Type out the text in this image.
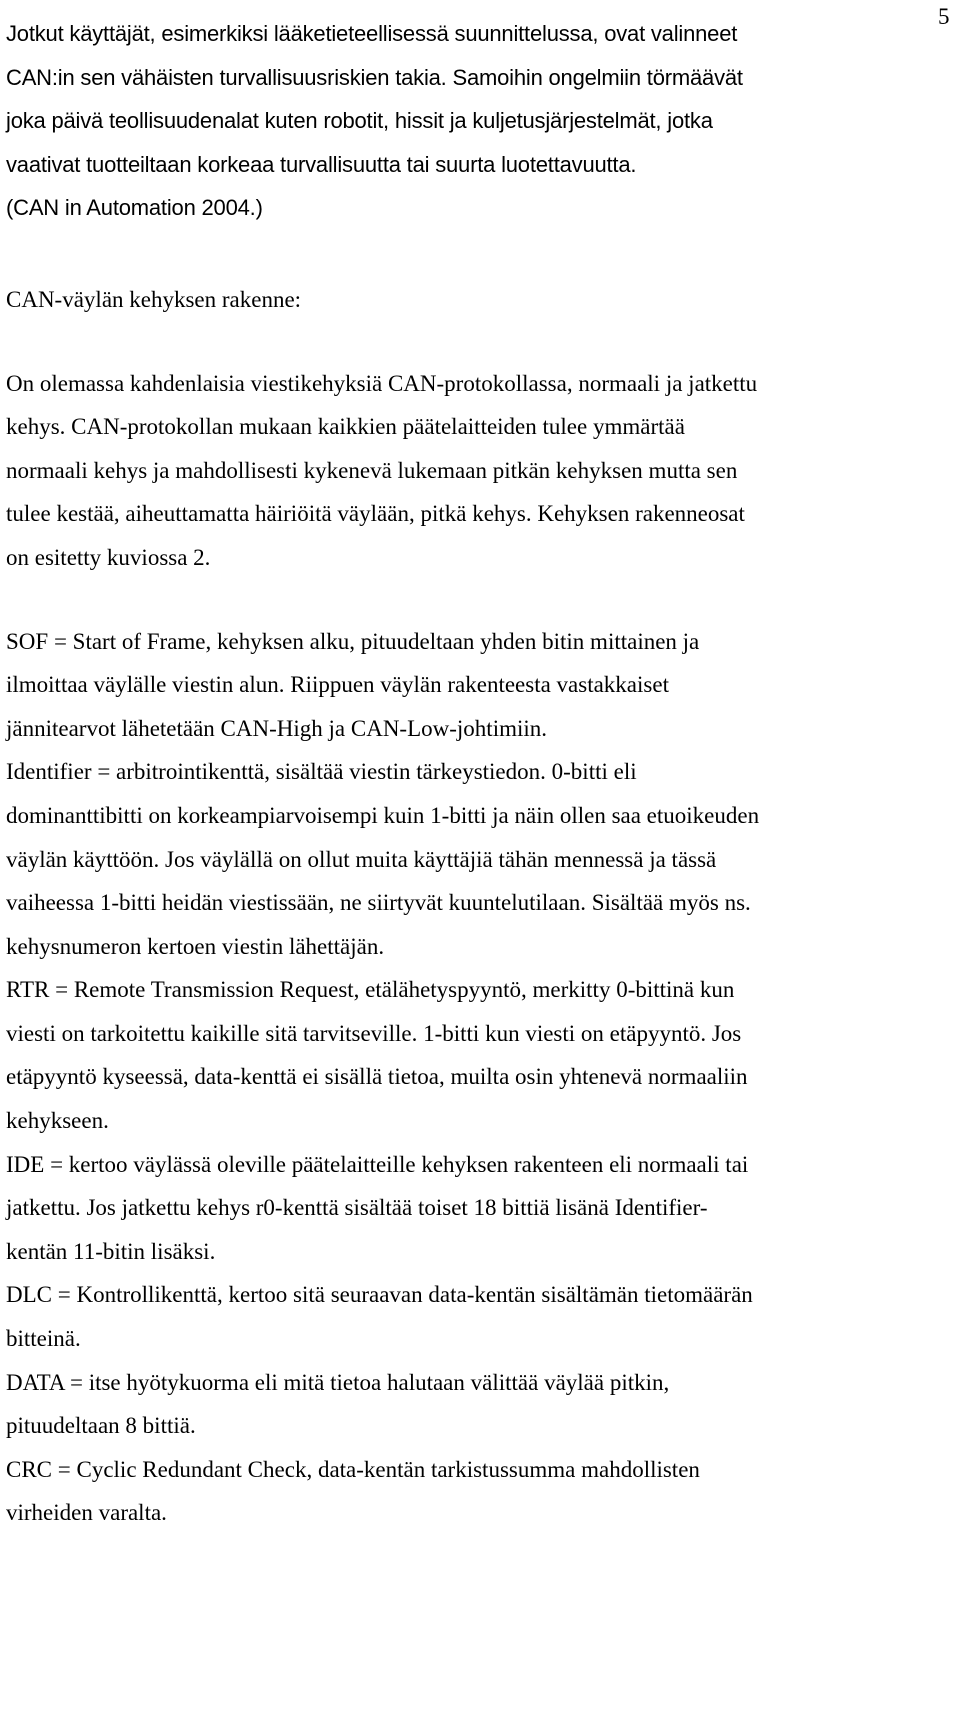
5

Jotkut käyttäjät, esimerkiksi lääketieteellisessä suunnittelussa, ovat valinneet

CAN:in sen vähäisten turvallisuusriskien takia. Samoihin ongelmiin törmäävät

joka päivä teollisuudenalat kuten robotit, hissit ja kuljetusjärjestelmät, jotka

vaativat tuotteiltaan korkeaa turvallisuutta tai suurta luotettavuutta.

(CAN in Automation 2004.)

CAN-väylän kehyksen rakenne:

On olemassa kahdenlaisia viestikehyksiä CAN-protokollassa, normaali ja jatkettu
kehys. CAN-protokollan mukaan kaikkien päätelaitteiden tulee ymmärtää
normaali kehys ja mahdollisesti kykenevä lukemaan pitkän kehyksen mutta sen
tulee kestää, aiheuttamatta häiriöitä väylään, pitkä kehys. Kehyksen rakenneosat
on esitetty kuviossa 2.

SOF = Start of Frame, kehyksen alku, pituudeltaan yhden bitin mittainen ja
ilmoittaa väylälle viestin alun. Riippuen väylän rakenteesta vastakkaiset
jännitearvot lähetetään CAN-High ja CAN-Low-johtimiin.

Identifier = arbitrointikenttä, sisältää viestin tärkeystiedon. 0-bitti eli
dominanttibitti on korkeampiarvoisempi kuin 1-bitti ja näin ollen saa etuoikeuden
väylän käyttöön. Jos väylällä on ollut muita käyttäjiä tähän mennessä ja tässä
vaiheessa 1-bitti heidän viestissään, ne siirtyvät kuuntelutilaan. Sisältää myös ns.
kehysnumeron kertoen viestin lähettäjän.

RTR = Remote Transmission Request, etälähetyspyyntö, merkitty 0-bittinä kun
viesti on tarkoitettu kaikille sitä tarvitseville. 1-bitti kun viesti on etäpyyntö. Jos
etäpyyntö kyseessä, data-kenttä ei sisällä tietoa, muilta osin yhtenevä normaaliin
kehykseen.

IDE = kertoo väylässä oleville päätelaitteille kehyksen rakenteen eli normaali tai
jatkettu. Jos jatkettu kehys r0-kenttä sisältää toiset 18 bittiä lisänä Identifier-
kentän 11-bitin lisäksi.

DLC = Kontrollikenttä, kertoo sitä seuraavan data-kentän sisältämän tietomäärän
bitteinä.

DATA = itse hyötykuorma eli mitä tietoa halutaan välittää väylää pitkin,
pituudeltaan 8 bittiä.

CRC = Cyclic Redundant Check, data-kentän tarkistussumma mahdollisten
virheiden varalta.
